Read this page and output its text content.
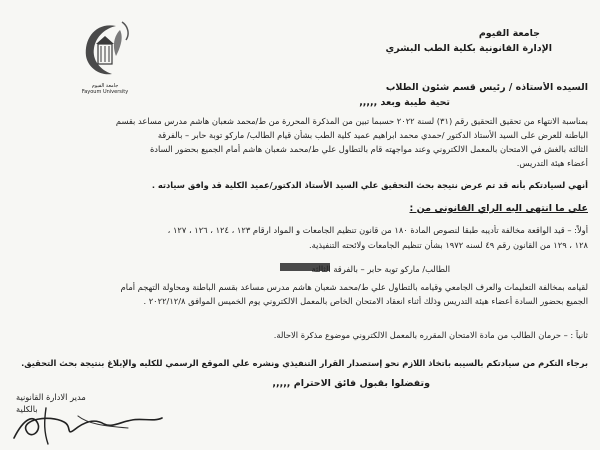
جامعة الفيوم
الإدارة القانونية بكلية الطب البشري
جامعة الفيوم
Fayoum University	السيده الأستاذه / رئيس قسم شئون الطلاب
تحية طيبة وبعد ,,,,,
بمناسبة الانتهاء من تحقيق التحقيق رقم (٣١) لسنة ٢٠٢٢ حسبما تبين من المذكرة المحررة من ط/محمد شعبان هاشم مدرس مساعد بقسم
الباطنة للعرض على السيد الأستاذ الدكتور /حمدي محمد ابراهيم عميد كلية الطب بشأن قيام الطالب/ ماركو توبة حابر – بالفرقة
الثالثة بالغش في الامتحان بالمعمل الالكتروني وعند مواجهته قام بالتطاول علي ط/محمد شعبان هاشم أمام الجميع بحضور السادة
أعضاء هيئة التدريس.
أنهي لسيادتكم بأنه قد تم عرض نتيجة بحث التحقيق علي السيد الأستاذ الدكتور/عميد الكلية قد وافق سيادته .
علي ما انتهي اليه الراي القانوني من :
أولاً: – قيد الواقعة مخالفة تأديبه طبقا لنصوص المادة ١٨٠ من قانون تنظيم الجامعات و المواد ارقام ١٢٣ ، ١٢٤ ، ١٢٦ ، ١٢٧ ،
١٢٨ ، ١٢٩ من القانون رقم ٤٩ لسنه ١٩٧٢ بشأن تنظيم الجامعات ولائحته التنفيذية.
الطالب/ ماركو توبة حابر – بالفرقة الثالثة
لقيامه بمخالفة التعليمات والعرف الجامعي وقيامه بالتطاول علي ط/محمد شعبان هاشم مدرس مساعد بقسم الباطنة ومحاولة التهجم أمام
الجميع بحضور السادة أعضاء هيئة التدريس وذلك أثناء انعقاد الامتحان الخاص بالمعمل الالكتروني يوم الخميس الموافق ٢٠٢٢/١٢/٨ .
ثانياً : – حرمان الطالب من مادة الامتحان المقرره بالمعمل الالكتروني موضوع مذكرة الاحالة.
برجاء التكرم من سيادتكم بالسيبه باتخاذ اللازم نحو إستصدار القرار التنفيذي ونشره علي الموقع الرسمي للكليه والإبلاغ بنتيجة بحث التحقيق.
وتفضلوا بقبول فائق الاحترام ,,,,,
مدير الادارة القانونية
بالكلية
